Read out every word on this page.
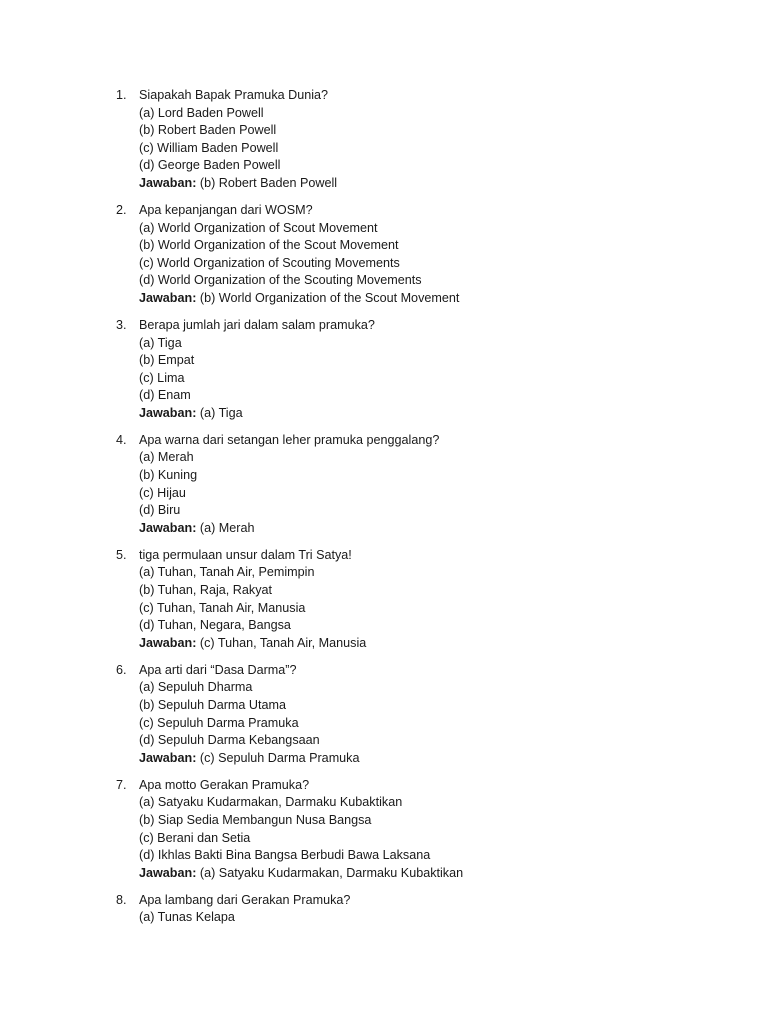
1. Siapakah Bapak Pramuka Dunia?
(a) Lord Baden Powell
(b) Robert Baden Powell
(c) William Baden Powell
(d) George Baden Powell
Jawaban: (b) Robert Baden Powell
2. Apa kepanjangan dari WOSM?
(a) World Organization of Scout Movement
(b) World Organization of the Scout Movement
(c) World Organization of Scouting Movements
(d) World Organization of the Scouting Movements
Jawaban: (b) World Organization of the Scout Movement
3. Berapa jumlah jari dalam salam pramuka?
(a) Tiga
(b) Empat
(c) Lima
(d) Enam
Jawaban: (a) Tiga
4. Apa warna dari setangan leher pramuka penggalang?
(a) Merah
(b) Kuning
(c) Hijau
(d) Biru
Jawaban: (a) Merah
5. tiga permulaan unsur dalam Tri Satya!
(a) Tuhan, Tanah Air, Pemimpin
(b) Tuhan, Raja, Rakyat
(c) Tuhan, Tanah Air, Manusia
(d) Tuhan, Negara, Bangsa
Jawaban: (c) Tuhan, Tanah Air, Manusia
6. Apa arti dari “Dasa Darma”?
(a) Sepuluh Dharma
(b) Sepuluh Darma Utama
(c) Sepuluh Darma Pramuka
(d) Sepuluh Darma Kebangsaan
Jawaban: (c) Sepuluh Darma Pramuka
7. Apa motto Gerakan Pramuka?
(a) Satyaku Kudarmakan, Darmaku Kubaktikan
(b) Siap Sedia Membangun Nusa Bangsa
(c) Berani dan Setia
(d) Ikhlas Bakti Bina Bangsa Berbudi Bawa Laksana
Jawaban: (a) Satyaku Kudarmakan, Darmaku Kubaktikan
8. Apa lambang dari Gerakan Pramuka?
(a) Tunas Kelapa
